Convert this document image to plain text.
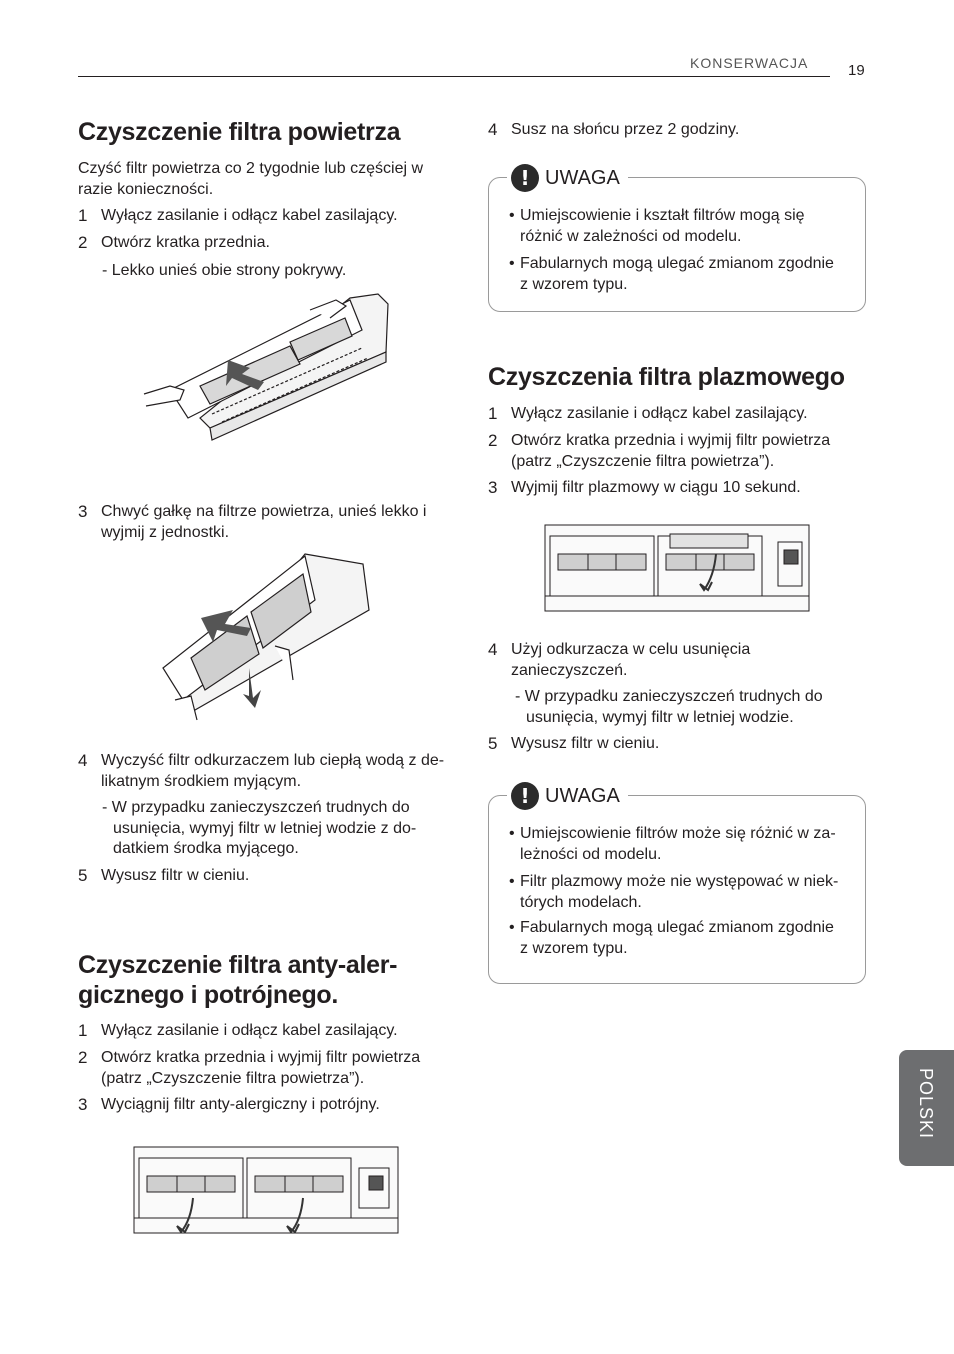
KONSERWACJA	19
Czyszczenie filtra powietrza
Czyść filtr powietrza co 2 tygodnie lub częściej w
razie konieczności.
1 Wyłącz zasilanie i odłącz kabel zasilający.
2 Otwórz kratka przednia.
- Lekko unieś obie strony pokrywy.
3 Chwyć gałkę na filtrze powietrza, unieś lekko i
wyjmij z jednostki.
4 Wyczyść filtr odkurzaczem lub ciepłą wodą z de-
likatnym środkiem myjącym.
- W przypadku zanieczyszczeń trudnych do
usunięcia, wymyj filtr w letniej wodzie z do-
datkiem środka myjącego.
5 Wysusz filtr w cieniu.
Czyszczenie filtra anty-aler-
gicznego i potrójnego.
1 Wyłącz zasilanie i odłącz kabel zasilający.
2 Otwórz kratka przednia i wyjmij filtr powietrza
(patrz „Czyszczenie filtra powietrza”).
3 Wyciągnij filtr anty-alergiczny i potrójny.
4 Susz na słońcu przez 2 godziny.
! UWAGA
• Umiejscowienie i kształt filtrów mogą się
różnić w zależności od modelu.
• Fabularnych mogą ulegać zmianom zgodnie
z wzorem typu.
Czyszczenia filtra plazmowego
1 Wyłącz zasilanie i odłącz kabel zasilający.
2 Otwórz kratka przednia i wyjmij filtr powietrza
(patrz „Czyszczenie filtra powietrza”).
3 Wyjmij filtr plazmowy w ciągu 10 sekund.
4 Użyj odkurzacza w celu usunięcia
zanieczyszczeń.
- W przypadku zanieczyszczeń trudnych do
usunięcia, wymyj filtr w letniej wodzie.
5 Wysusz filtr w cieniu.
! UWAGA
• Umiejscowienie filtrów może się różnić w za-
leżności od modelu.
• Filtr plazmowy może nie występować w niek-
tórych modelach.
• Fabularnych mogą ulegać zmianom zgodnie
z wzorem typu.
POLSKI
